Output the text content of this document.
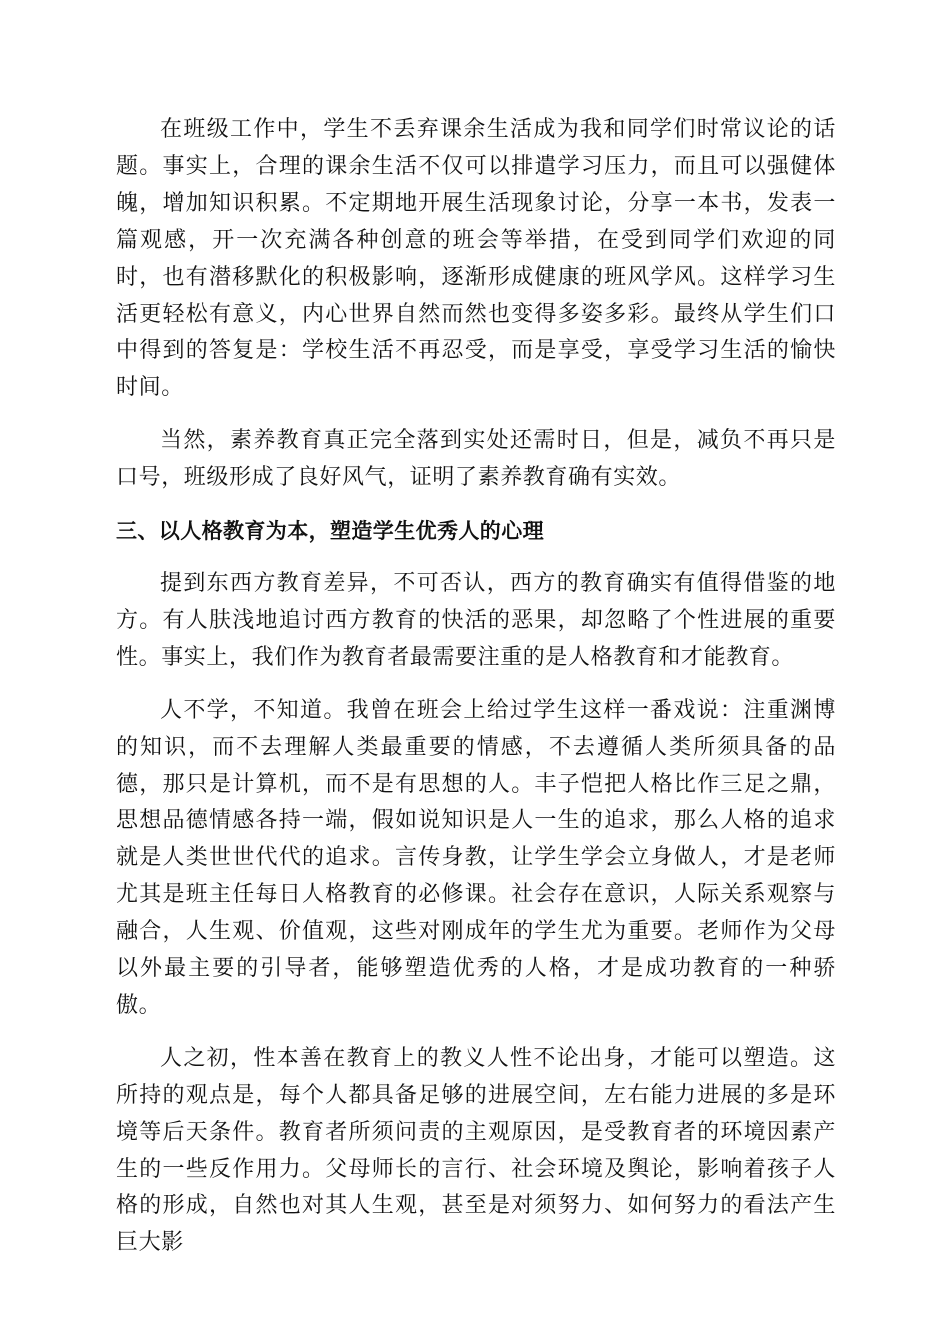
在班级工作中，学生不丢弃课余生活成为我和同学们时常议论的话题。事实上，合理的课余生活不仅可以排遣学习压力，而且可以强健体魄，增加知识积累。不定期地开展生活现象讨论，分享一本书，发表一篇观感，开一次充满各种创意的班会等举措，在受到同学们欢迎的同时，也有潜移默化的积极影响，逐渐形成健康的班风学风。这样学习生活更轻松有意义，内心世界自然而然也变得多姿多彩。最终从学生们口中得到的答复是：学校生活不再忍受，而是享受，享受学习生活的愉快时间。

当然，素养教育真正完全落到实处还需时日，但是，减负不再只是口号，班级形成了良好风气，证明了素养教育确有实效。

三、以人格教育为本，塑造学生优秀人的心理

提到东西方教育差异，不可否认，西方的教育确实有值得借鉴的地方。有人肤浅地追讨西方教育的快活的恶果，却忽略了个性进展的重要性。事实上，我们作为教育者最需要注重的是人格教育和才能教育。

人不学，不知道。我曾在班会上给过学生这样一番戏说：注重渊博的知识，而不去理解人类最重要的情感，不去遵循人类所须具备的品德，那只是计算机，而不是有思想的人。丰子恺把人格比作三足之鼎，思想品德情感各持一端，假如说知识是人一生的追求，那么人格的追求就是人类世世代代的追求。言传身教，让学生学会立身做人，才是老师尤其是班主任每日人格教育的必修课。社会存在意识，人际关系观察与融合，人生观、价值观，这些对刚成年的学生尤为重要。老师作为父母以外最主要的引导者，能够塑造优秀的人格，才是成功教育的一种骄傲。

人之初，性本善在教育上的教义人性不论出身，才能可以塑造。这所持的观点是，每个人都具备足够的进展空间，左右能力进展的多是环境等后天条件。教育者所须问责的主观原因，是受教育者的环境因素产生的一些反作用力。父母师长的言行、社会环境及舆论，影响着孩子人格的形成，自然也对其人生观，甚至是对须努力、如何努力的看法产生巨大影
